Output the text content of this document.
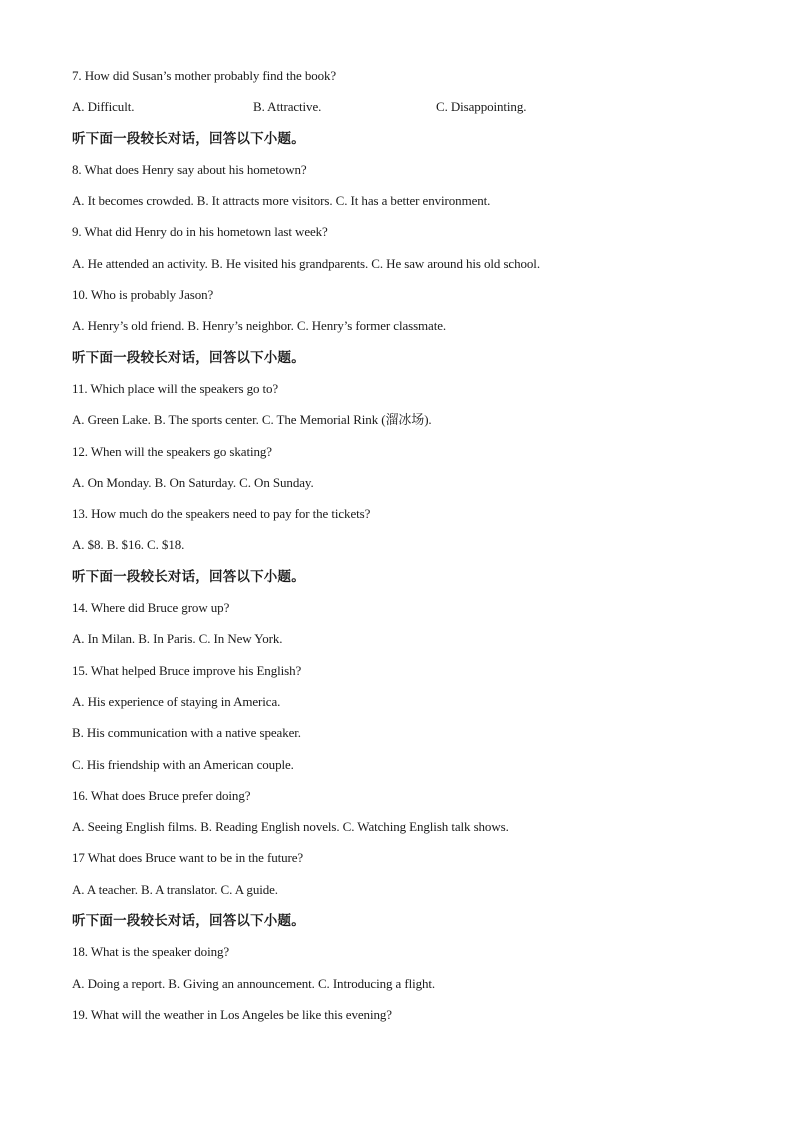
7. How did Susan’s mother probably find the book?
A. Difficult.	B. Attractive.	C. Disappointing.
听下面一段较长对话，回答以下小题。
8. What does Henry say about his hometown?
A. It becomes crowded. B. It attracts more visitors. C. It has a better environment.
9. What did Henry do in his hometown last week?
A. He attended an activity. B. He visited his grandparents. C. He saw around his old school.
10. Who is probably Jason?
A. Henry’s old friend. B. Henry’s neighbor. C. Henry’s former classmate.
听下面一段较长对话，回答以下小题。
11. Which place will the speakers go to?
A. Green Lake. B. The sports center. C. The Memorial Rink (溜冰场).
12. When will the speakers go skating?
A. On Monday. B. On Saturday. C. On Sunday.
13. How much do the speakers need to pay for the tickets?
A. $8. B. $16. C. $18.
听下面一段较长对话，回答以下小题。
14. Where did Bruce grow up?
A. In Milan. B. In Paris. C. In New York.
15. What helped Bruce improve his English?
A. His experience of staying in America.
B. His communication with a native speaker.
C. His friendship with an American couple.
16. What does Bruce prefer doing?
A. Seeing English films. B. Reading English novels. C. Watching English talk shows.
17 What does Bruce want to be in the future?
A. A teacher. B. A translator. C. A guide.
听下面一段较长对话，回答以下小题。
18. What is the speaker doing?
A. Doing a report. B. Giving an announcement. C. Introducing a flight.
19. What will the weather in Los Angeles be like this evening?
